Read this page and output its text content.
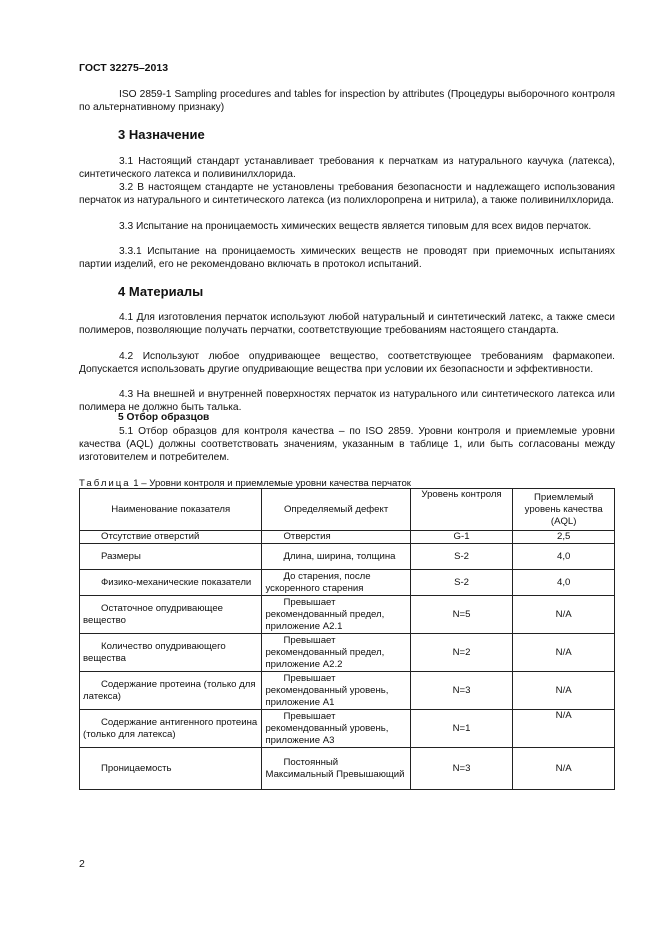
ГОСТ 32275–2013
ISO 2859-1 Sampling procedures and tables for inspection by attributes (Процедуры выборочного контроля по альтернативному признаку)
3 Назначение
3.1 Настоящий стандарт устанавливает требования к перчаткам из натурального каучука (латекса), синтетического латекса и поливинилхлорида.
3.2 В настоящем стандарте не установлены требования безопасности и надлежащего использования перчаток из натурального и синтетического латекса (из полихлоропрена и нитрила), а также поливинилхлорида.
3.3 Испытание на проницаемость химических веществ является типовым для всех видов перчаток.
3.3.1 Испытание на проницаемость химических веществ не проводят при приемочных испытаниях партии изделий, его не рекомендовано включать в протокол испытаний.
4 Материалы
4.1 Для изготовления перчаток используют любой натуральный и синтетический латекс, а также смеси полимеров, позволяющие получать перчатки, соответствующие требованиям настоящего стандарта.
4.2 Используют любое опудривающее вещество, соответствующее требованиям фармакопеи. Допускается использовать другие опудривающие вещества при условии их безопасности и эффективности.
4.3 На внешней и внутренней поверхностях перчаток из натурального или синтетического латекса или полимера не должно быть талька.
5 Отбор образцов
5.1 Отбор образцов для контроля качества – по ISO 2859. Уровни контроля и приемлемые уровни качества (AQL) должны соответствовать значениям, указанным в таблице 1, или быть согласованы между изготовителем и потребителем.
Таблица 1 – Уровни контроля и приемлемые уровни качества перчаток
Наименование показателя	Определяемый дефект	Уровень контроля	Приемлемый уровень качества (AQL)
Отсутствие отверстий	Отверстия	G-1	2,5
Размеры	Длина, ширина, толщина	S-2	4,0
Физико-механические показатели	До старения, после ускоренного старения	S-2	4,0
Остаточное опудривающее вещество	Превышает рекомендованный предел, приложение А2.1	N=5	N/A
Количество опудривающего вещества	Превышает рекомендованный предел, приложение А2.2	N=2	N/A
Содержание протеина (только для латекса)	Превышает рекомендованный уровень, приложение А1	N=3	N/A
Содержание антигенного протеина (только для латекса)	Превышает рекомендованный уровень, приложение А3	N=1	N/A
Проницаемость	Постоянный Максимальный Превышающий	N=3	N/A
2
